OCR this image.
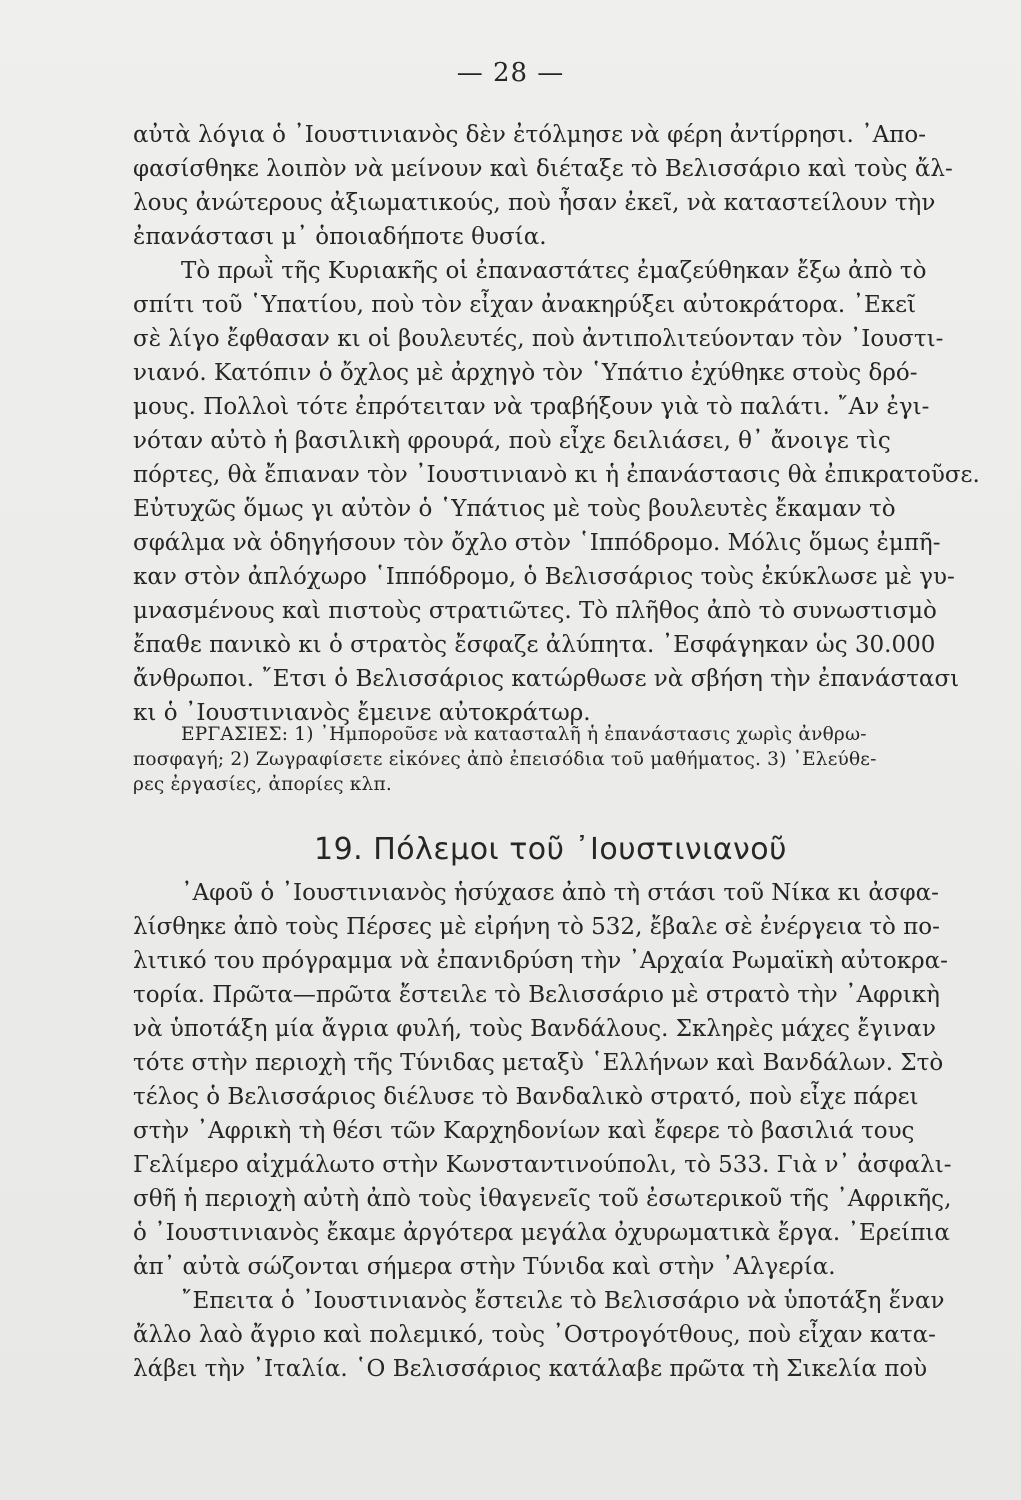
— 28 —
αὐτὰ λόγια ὁ ᾿Ιουστινιανὸς δὲν ἐτόλμησε νὰ φέρη ἀντίρρησι. ᾿Απο-
φασίσθηκε λοιπὸν νὰ μείνουν καὶ διέταξε τὸ Βελισσάριο καὶ τοὺς ἄλ-
λους ἀνώτερους ἀξιωματικούς, ποὺ ἦσαν ἐκεῖ, νὰ καταστείλουν τὴν
ἐπανάστασι μ᾿ ὁποιαδήποτε θυσία.
Τὸ πρωῒ τῆς Κυριακῆς οἱ ἐπαναστάτες ἐμαζεύθηκαν ἔξω ἀπὸ τὸ
σπίτι τοῦ ῾Υπατίου, ποὺ τὸν εἶχαν ἀνακηρύξει αὐτοκράτορα. ᾿Εκεῖ
σὲ λίγο ἔφθασαν κι οἱ βουλευτές, ποὺ ἀντιπολιτεύονταν τὸν ᾿Ιουστι-
νιανό. Κατόπιν ὁ ὄχλος μὲ ἀρχηγὸ τὸν ῾Υπάτιο ἐχύθηκε στοὺς δρό-
μους. Πολλοὶ τότε ἐπρότειταν νὰ τραβήξουν γιὰ τὸ παλάτι. ῎Αν ἐγι-
νόταν αὐτὸ ἡ βασιλικὴ φρουρά, ποὺ εἶχε δειλιάσει, θ᾿ ἄνοιγε τὶς
πόρτες, θὰ ἔπιαναν τὸν ᾿Ιουστινιανὸ κι ἡ ἐπανάστασις θὰ ἐπικρατοῦσε.
Εὐτυχῶς ὅμως γι αὐτὸν ὁ ῾Υπάτιος μὲ τοὺς βουλευτὲς ἔκαμαν τὸ
σφάλμα νὰ ὁδηγήσουν τὸν ὄχλο στὸν ῾Ιππόδρομο. Μόλις ὅμως ἐμπῆ-
καν στὸν ἀπλόχωρο ῾Ιππόδρομο, ὁ Βελισσάριος τοὺς ἐκύκλωσε μὲ γυ-
μνασμένους καὶ πιστοὺς στρατιῶτες. Τὸ πλῆθος ἀπὸ τὸ συνωστισμὸ
ἔπαθε πανικὸ κι ὁ στρατὸς ἔσφαζε ἀλύπητα. ᾿Εσφάγηκαν ὡς 30.000
ἄνθρωποι. ῎Ετσι ὁ Βελισσάριος κατώρθωσε νὰ σβήση τὴν ἐπανάστασι
κι ὁ ᾿Ιουστινιανὸς ἔμεινε αὐτοκράτωρ.
ΕΡΓΑΣΙΕΣ: 1) ᾿Ημποροῦσε νὰ κατασταλῆ ἡ ἐπανάστασις χωρὶς ἀνθρω-
ποσφαγή; 2) Ζωγραφίσετε εἰκόνες ἀπὸ ἐπεισόδια τοῦ μαθήματος. 3) ᾿Ελεύθε-
ρες ἐργασίες, ἀπορίες κλπ.
19. Πόλεμοι τοῦ ᾿Ιουστινιανοῦ
᾿Αφοῦ ὁ ᾿Ιουστινιανὸς ἡσύχασε ἀπὸ τὴ στάσι τοῦ Νίκα κι ἀσφα-
λίσθηκε ἀπὸ τοὺς Πέρσες μὲ εἰρήνη τὸ 532, ἔβαλε σὲ ἐνέργεια τὸ πο-
λιτικό του πρόγραμμα νὰ ἐπανιδρύση τὴν ᾿Αρχαία Ρωμαϊκὴ αὐτοκρα-
τορία. Πρῶτα—πρῶτα ἔστειλε τὸ Βελισσάριο μὲ στρατὸ τὴν ᾿Αφρικὴ
νὰ ὑποτάξη μία ἄγρια φυλή, τοὺς Βανδάλους. Σκληρὲς μάχες ἔγιναν
τότε στὴν περιοχὴ τῆς Τύνιδας μεταξὺ ῾Ελλήνων καὶ Βανδάλων. Στὸ
τέλος ὁ Βελισσάριος διέλυσε τὸ Βανδαλικὸ στρατό, ποὺ εἶχε πάρει
στὴν ᾿Αφρικὴ τὴ θέσι τῶν Καρχηδονίων καὶ ἔφερε τὸ βασιλιά τους
Γελίμερο αἰχμάλωτο στὴν Κωνσταντινούπολι, τὸ 533. Γιὰ ν᾿ ἀσφαλι-
σθῆ ἡ περιοχὴ αὐτὴ ἀπὸ τοὺς ἰθαγενεῖς τοῦ ἐσωτερικοῦ τῆς ᾿Αφρικῆς,
ὁ ᾿Ιουστινιανὸς ἔκαμε ἀργότερα μεγάλα ὀχυρωματικὰ ἔργα. ᾿Ερείπια
ἀπ᾿ αὐτὰ σώζονται σήμερα στὴν Τύνιδα καὶ στὴν ᾿Αλγερία.
῎Επειτα ὁ ᾿Ιουστινιανὸς ἔστειλε τὸ Βελισσάριο νὰ ὑποτάξη ἕναν
ἄλλο λαὸ ἄγριο καὶ πολεμικό, τοὺς ᾿Οστρογότθους, ποὺ εἶχαν κατα-
λάβει τὴν ᾿Ιταλία. ῾Ο Βελισσάριος κατάλαβε πρῶτα τὴ Σικελία ποὺ
